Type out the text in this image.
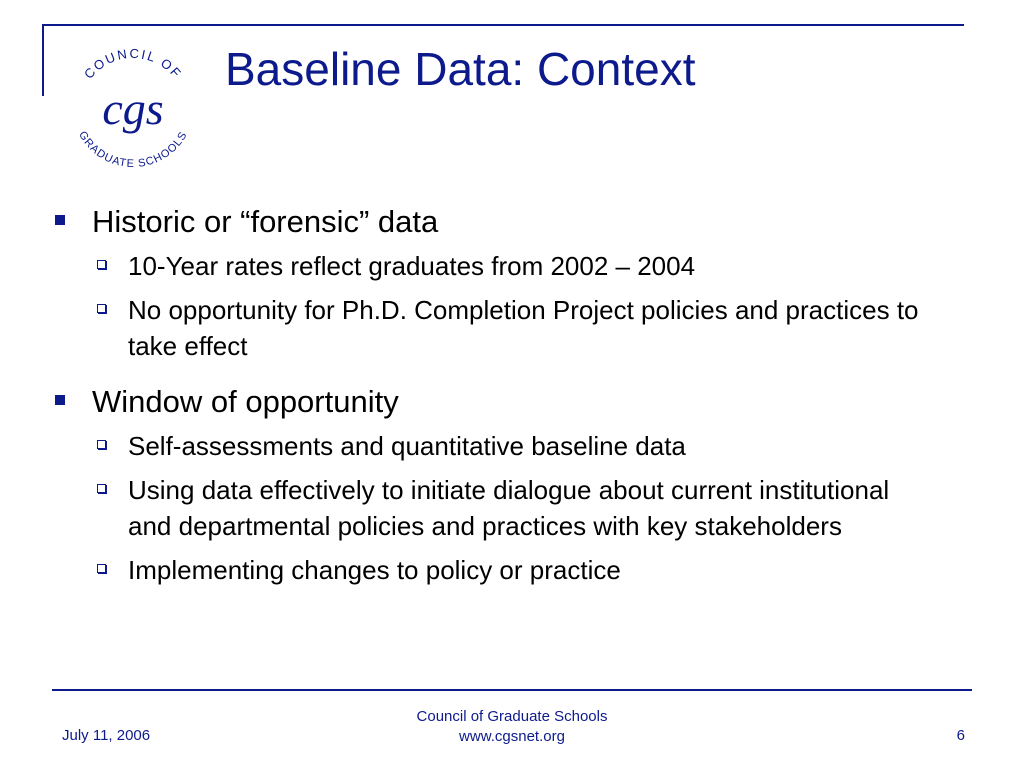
COUNCIL OF
GRADUATE SCHOOLS
cgs
Baseline Data: Context
Historic or “forensic” data
10-Year rates reflect graduates from 2002 – 2004
No opportunity for Ph.D. Completion Project policies and practices to take effect
Window of opportunity
Self-assessments and quantitative baseline data
Using data effectively to initiate dialogue about current institutional and departmental policies and practices with key stakeholders
Implementing changes to policy or practice
July 11, 2006
Council of Graduate Schools
www.cgsnet.org	6
